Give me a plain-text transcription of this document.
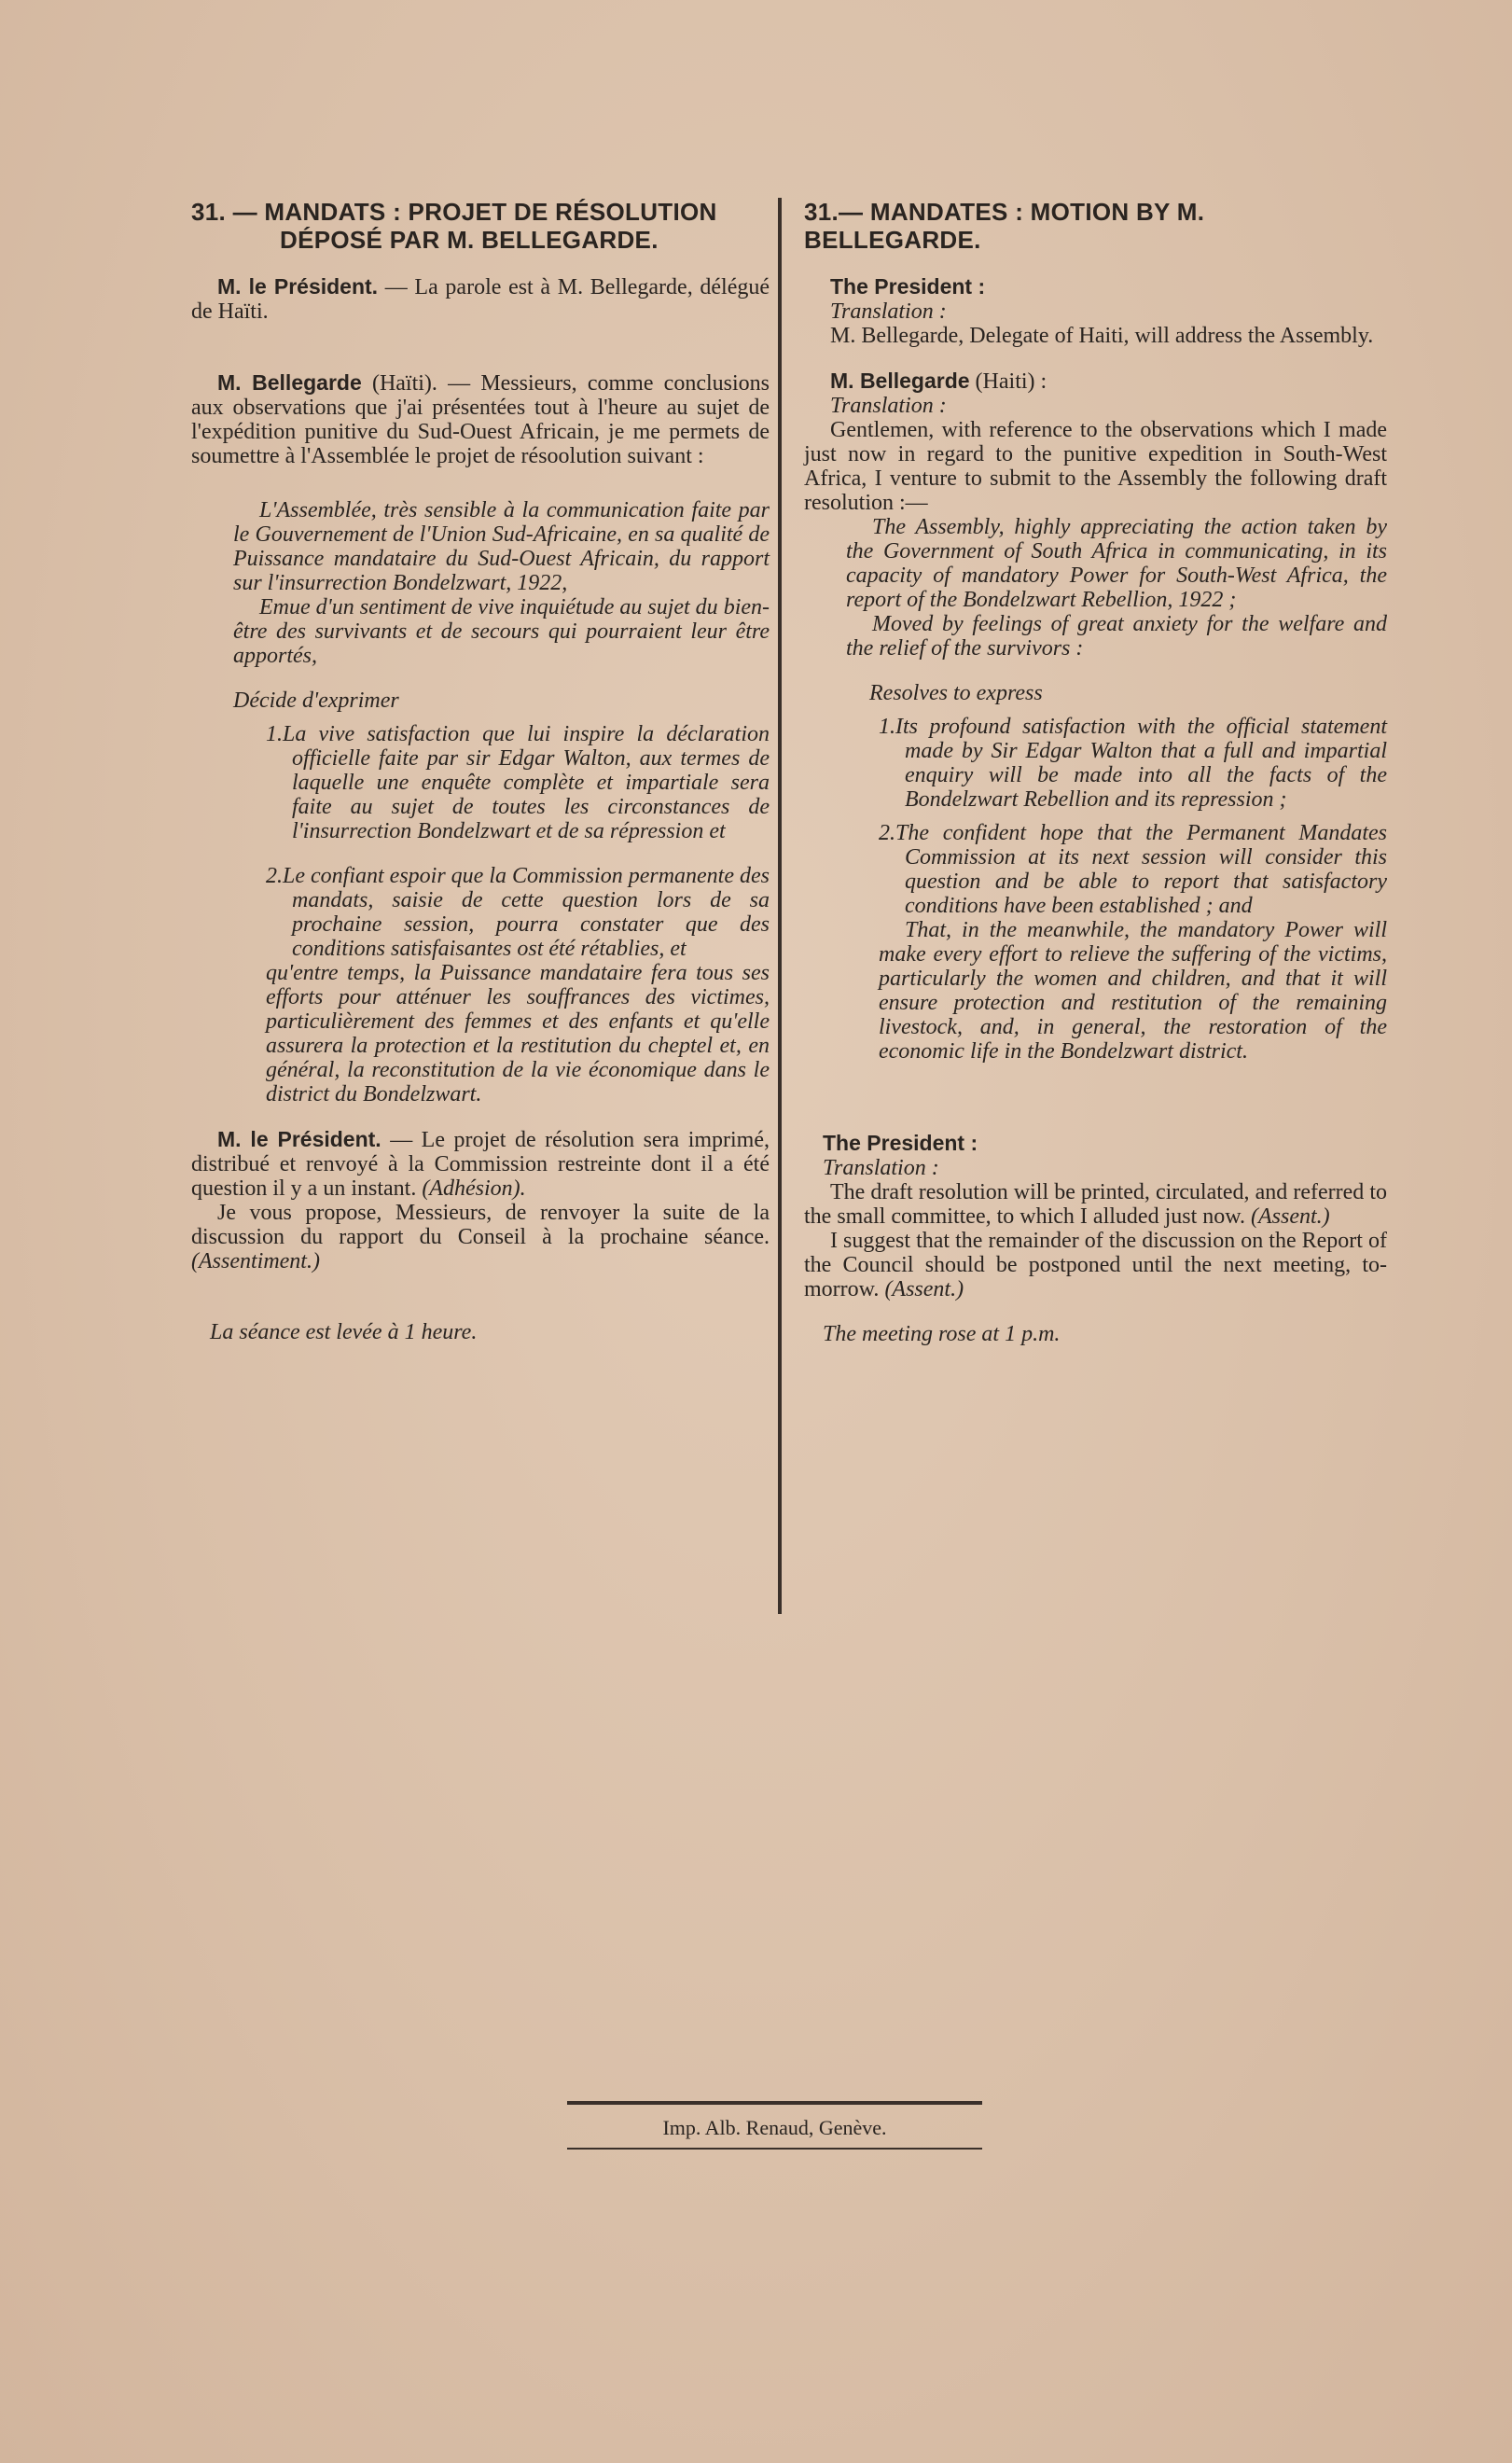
31. — MANDATS : PROJET DE RÉSOLUTION
DÉPOSÉ PAR M. BELLEGARDE.

M. le Président. — La parole est à M. Bellegarde, délégué de Haïti.

M. Bellegarde (Haïti). — Messieurs, comme conclusions aux observations que j'ai présentées tout à l'heure au sujet de l'expédition punitive du Sud-Ouest Africain, je me permets de soumettre à l'Assemblée le projet de résoolution suivant :

L'Assemblée, très sensible à la communication faite par le Gouvernement de l'Union Sud-Africaine, en sa qualité de Puissance mandataire du Sud-Ouest Africain, du rapport sur l'insurrection Bondelzwart, 1922,

Emue d'un sentiment de vive inquiétude au sujet du bien-être des survivants et de secours qui pourraient leur être apportés,

Décide d'exprimer

1.La vive satisfaction que lui inspire la déclaration officielle faite par sir Edgar Walton, aux termes de laquelle une enquête complète et impartiale sera faite au sujet de toutes les circonstances de l'insurrection Bondelzwart et de sa répression et

2.Le confiant espoir que la Commission permanente des mandats, saisie de cette question lors de sa prochaine session, pourra constater que des conditions satisfaisantes ost été rétablies, et

qu'entre temps, la Puissance mandataire fera tous ses efforts pour atténuer les souffrances des victimes, particulièrement des femmes et des enfants et qu'elle assurera la protection et la restitution du cheptel et, en général, la reconstitution de la vie économique dans le district du Bondelzwart.

M. le Président. — Le projet de résolution sera imprimé, distribué et renvoyé à la Commission restreinte dont il a été question il y a un instant. (Adhésion).

Je vous propose, Messieurs, de renvoyer la suite de la discussion du rapport du Conseil à la prochaine séance. (Assentiment.)

La séance est levée à 1 heure.

31.— MANDATES : MOTION BY M. BELLEGARDE.

The President :

Translation :

M. Bellegarde, Delegate of Haiti, will address the Assembly.

M. Bellegarde (Haiti) :

Translation :

Gentlemen, with reference to the observations which I made just now in regard to the punitive expedition in South-West Africa, I venture to submit to the Assembly the following draft resolution :—

The Assembly, highly appreciating the action taken by the Government of South Africa in communicating, in its capacity of mandatory Power for South-West Africa, the report of the Bondelzwart Rebellion, 1922 ;

Moved by feelings of great anxiety for the welfare and the relief of the survivors :

Resolves to express

1.Its profound satisfaction with the official statement made by Sir Edgar Walton that a full and impartial enquiry will be made into all the facts of the Bondelzwart Rebellion and its repression ;

2.The confident hope that the Permanent Mandates Commission at its next session will consider this question and be able to report that satisfactory conditions have been established ; and

That, in the meanwhile, the mandatory Power will make every effort to relieve the suffering of the victims, particularly the women and children, and that it will ensure protection and restitution of the remaining livestock, and, in general, the restoration of the economic life in the Bondelzwart district.

The President :

Translation :

The draft resolution will be printed, circulated, and referred to the small committee, to which I alluded just now. (Assent.)

I suggest that the remainder of the discussion on the Report of the Council should be postponed until the next meeting, to-morrow. (Assent.)

The meeting rose at 1 p.m.

Imp. Alb. Renaud, Genève.
